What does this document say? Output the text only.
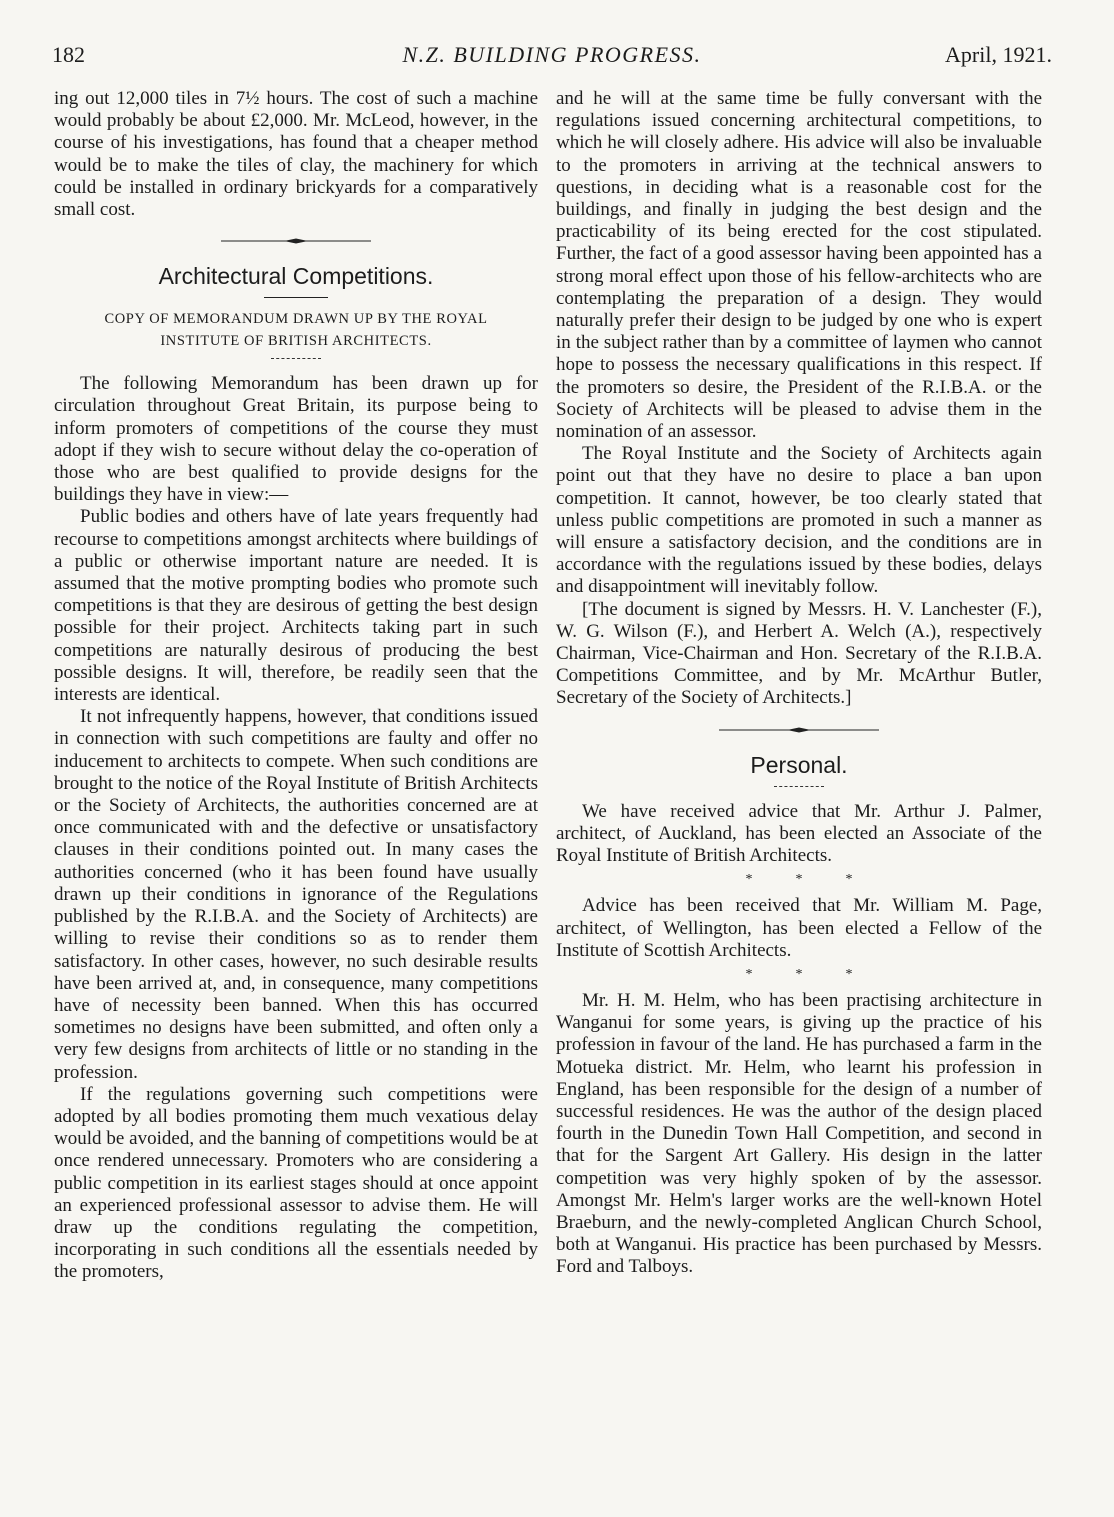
182	N.Z. BUILDING PROGRESS.	April, 1921.

ing out 12,000 tiles in 7½ hours. The cost of such a machine would probably be about £2,000. Mr. McLeod, however, in the course of his investigations, has found that a cheaper method would be to make the tiles of clay, the machinery for which could be installed in ordinary brickyards for a comparatively small cost.

Architectural Competitions.
COPY OF MEMORANDUM DRAWN UP BY THE ROYAL INSTITUTE OF BRITISH ARCHITECTS.

The following Memorandum has been drawn up for circulation throughout Great Britain, its purpose being to inform promoters of competitions of the course they must adopt if they wish to secure without delay the co-operation of those who are best qualified to provide designs for the buildings they have in view:—

Public bodies and others have of late years frequently had recourse to competitions amongst architects where buildings of a public or otherwise important nature are needed. It is assumed that the motive prompting bodies who promote such competitions is that they are desirous of getting the best design possible for their project. Architects taking part in such competitions are naturally desirous of producing the best possible designs. It will, therefore, be readily seen that the interests are identical.

It not infrequently happens, however, that conditions issued in connection with such competitions are faulty and offer no inducement to architects to compete. When such conditions are brought to the notice of the Royal Institute of British Architects or the Society of Architects, the authorities concerned are at once communicated with and the defective or unsatisfactory clauses in their conditions pointed out. In many cases the authorities concerned (who it has been found have usually drawn up their conditions in ignorance of the Regulations published by the R.I.B.A. and the Society of Architects) are willing to revise their conditions so as to render them satisfactory. In other cases, however, no such desirable results have been arrived at, and, in consequence, many competitions have of necessity been banned. When this has occurred sometimes no designs have been submitted, and often only a very few designs from architects of little or no standing in the profession.

If the regulations governing such competitions were adopted by all bodies promoting them much vexatious delay would be avoided, and the banning of competitions would be at once rendered unnecessary. Promoters who are considering a public competition in its earliest stages should at once appoint an experienced professional assessor to advise them. He will draw up the conditions regulating the competition, incorporating in such conditions all the essentials needed by the promoters,

and he will at the same time be fully conversant with the regulations issued concerning architectural competitions, to which he will closely adhere. His advice will also be invaluable to the promoters in arriving at the technical answers to questions, in deciding what is a reasonable cost for the buildings, and finally in judging the best design and the practicability of its being erected for the cost stipulated. Further, the fact of a good assessor having been appointed has a strong moral effect upon those of his fellow-architects who are contemplating the preparation of a design. They would naturally prefer their design to be judged by one who is expert in the subject rather than by a committee of laymen who cannot hope to possess the necessary qualifications in this respect. If the promoters so desire, the President of the R.I.B.A. or the Society of Architects will be pleased to advise them in the nomination of an assessor.

The Royal Institute and the Society of Architects again point out that they have no desire to place a ban upon competition. It cannot, however, be too clearly stated that unless public competitions are promoted in such a manner as will ensure a satisfactory decision, and the conditions are in accordance with the regulations issued by these bodies, delays and disappointment will inevitably follow.

[The document is signed by Messrs. H. V. Lanchester (F.), W. G. Wilson (F.), and Herbert A. Welch (A.), respectively Chairman, Vice-Chairman and Hon. Secretary of the R.I.B.A. Competitions Committee, and by Mr. McArthur Butler, Secretary of the Society of Architects.]

Personal.

We have received advice that Mr. Arthur J. Palmer, architect, of Auckland, has been elected an Associate of the Royal Institute of British Architects.

*	*	*

Advice has been received that Mr. William M. Page, architect, of Wellington, has been elected a Fellow of the Institute of Scottish Architects.

*	*	*

Mr. H. M. Helm, who has been practising architecture in Wanganui for some years, is giving up the practice of his profession in favour of the land. He has purchased a farm in the Motueka district. Mr. Helm, who learnt his profession in England, has been responsible for the design of a number of successful residences. He was the author of the design placed fourth in the Dunedin Town Hall Competition, and second in that for the Sargent Art Gallery. His design in the latter competition was very highly spoken of by the assessor. Amongst Mr. Helm's larger works are the well-known Hotel Braeburn, and the newly-completed Anglican Church School, both at Wanganui. His practice has been purchased by Messrs. Ford and Talboys.
